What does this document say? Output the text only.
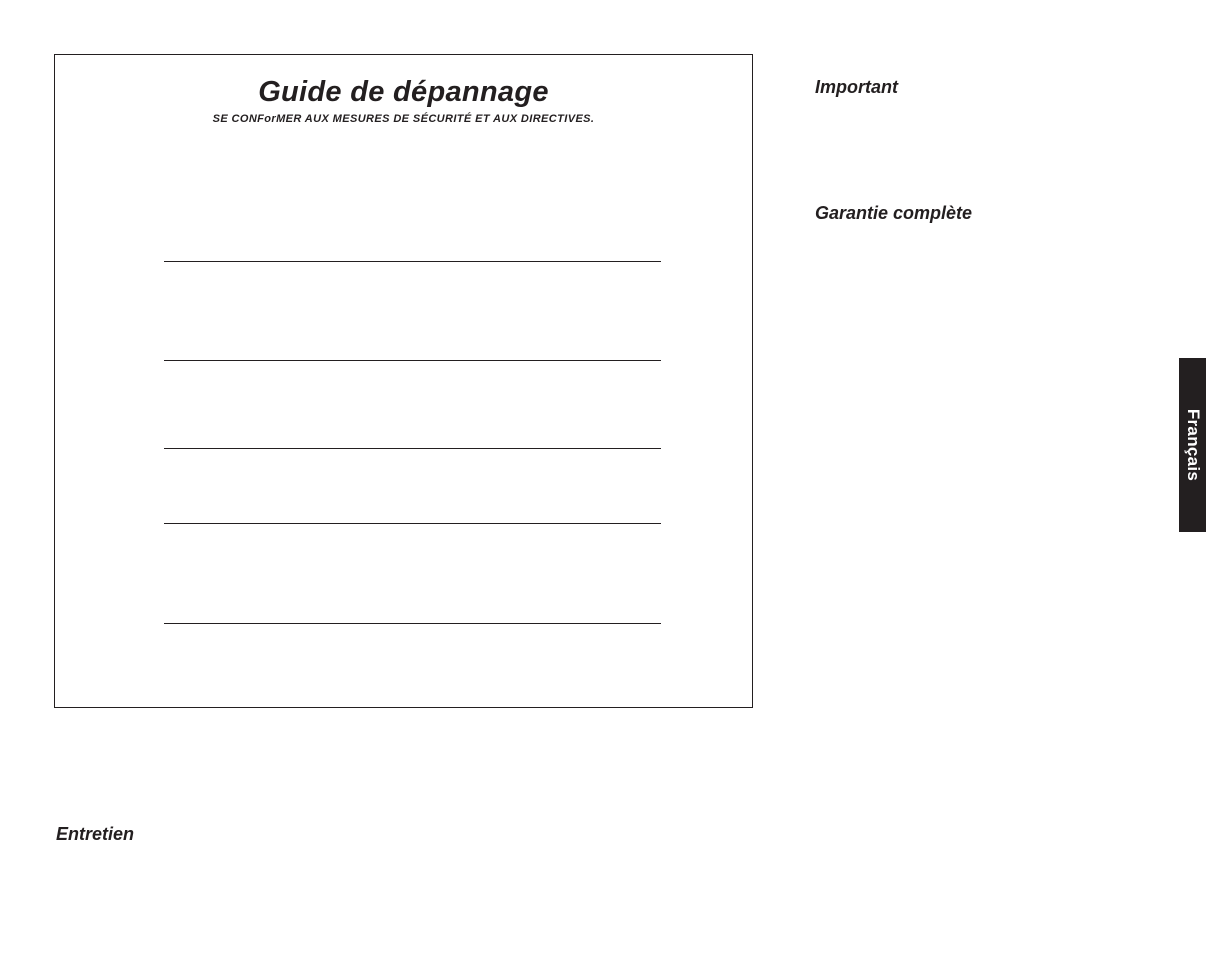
Guide de dépannage

SE CONForMER AUX MESURES DE SÉCURITÉ ET AUX DIRECTIVES.

Important
Garantie complète
Entretien
Français
